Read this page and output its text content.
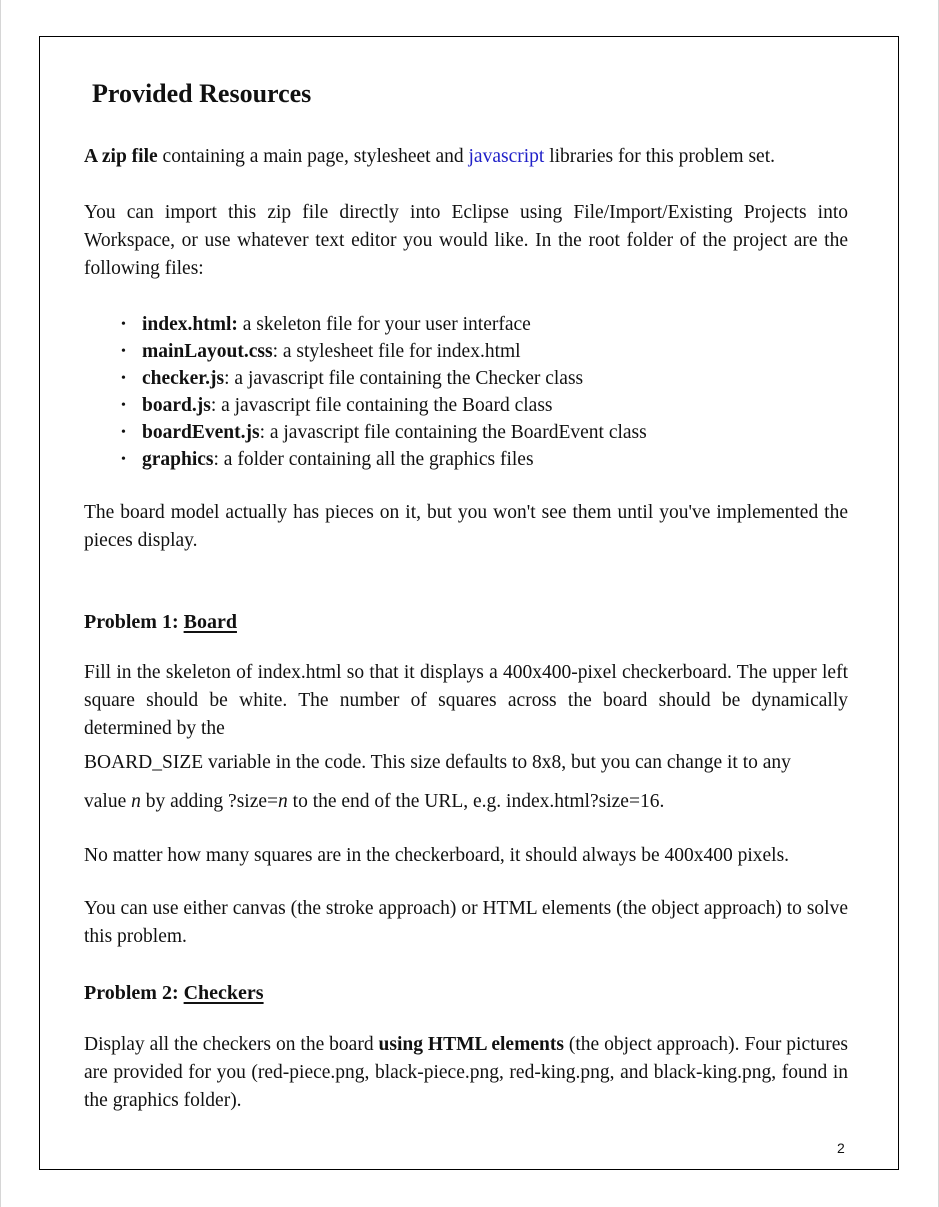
Provided Resources

A zip file containing a main page, stylesheet and javascript libraries for this problem set.

You can import this zip file directly into Eclipse using File/Import/Existing Projects into Workspace, or use whatever text editor you would like. In the root folder of the project are the following files:

• index.html: a skeleton file for your user interface
• mainLayout.css: a stylesheet file for index.html
• checker.js: a javascript file containing the Checker class
• board.js: a javascript file containing the Board class
• boardEvent.js: a javascript file containing the BoardEvent class
• graphics: a folder containing all the graphics files

The board model actually has pieces on it, but you won't see them until you've implemented the pieces display.

Problem 1: Board

Fill in the skeleton of index.html so that it displays a 400x400-pixel checkerboard. The upper left square should be white. The number of squares across the board should be dynamically determined by the

BOARD_SIZE variable in the code. This size defaults to 8x8, but you can change it to any

value n by adding ?size=n to the end of the URL, e.g. index.html?size=16.

No matter how many squares are in the checkerboard, it should always be 400x400 pixels.

You can use either canvas (the stroke approach) or HTML elements (the object approach) to solve this problem.

Problem 2: Checkers

Display all the checkers on the board using HTML elements (the object approach). Four pictures are provided for you (red-piece.png, black-piece.png, red-king.png, and black-king.png, found in the graphics folder).

2
